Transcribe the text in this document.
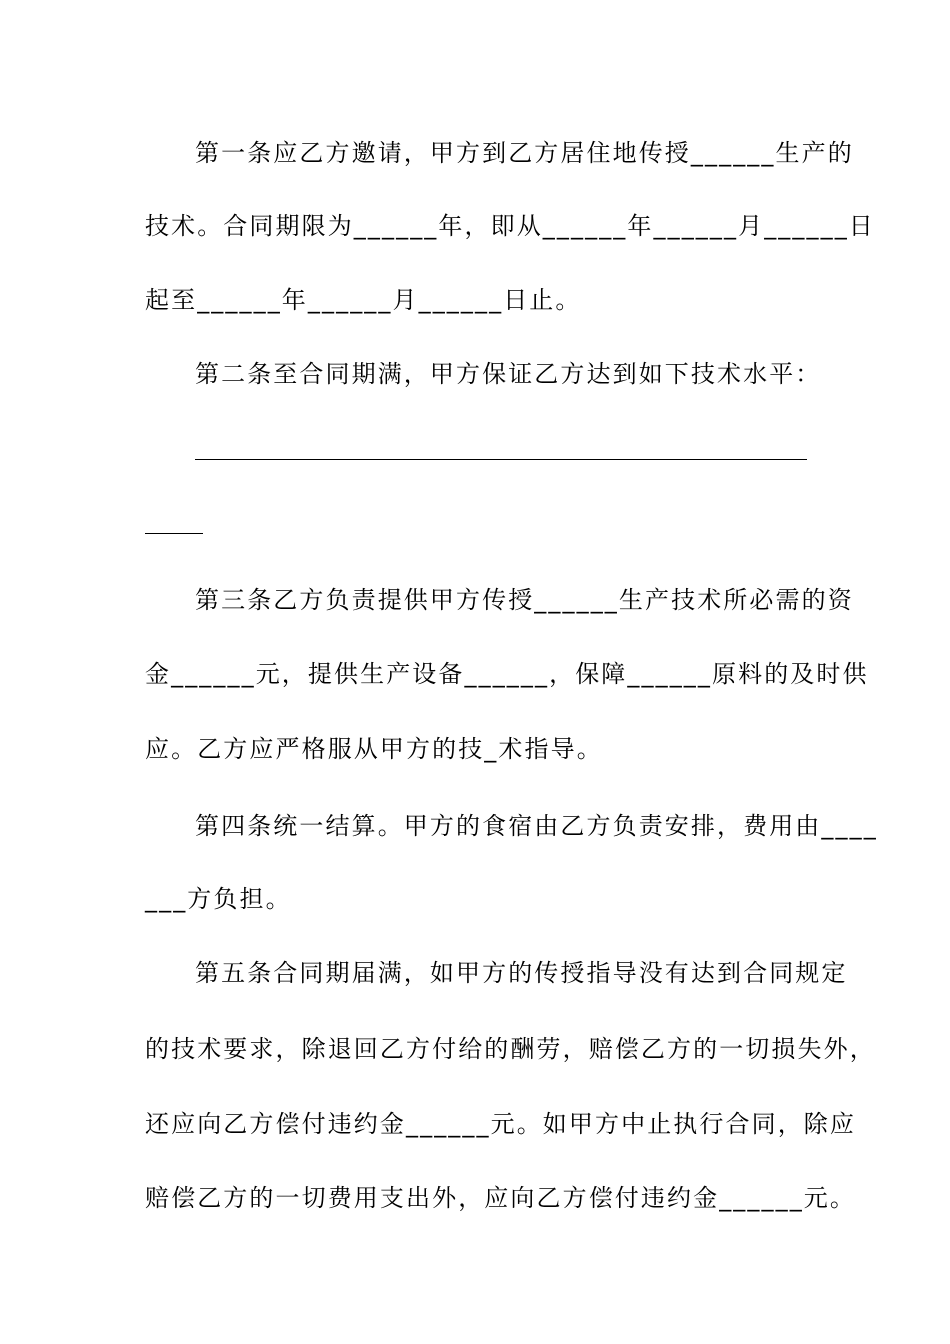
第一条应乙方邀请，甲方到乙方居住地传授______生产的
技术。合同期限为______年，即从______年______月______日
起至______年______月______日止。
第二条至合同期满，甲方保证乙方达到如下技术水平：
第三条乙方负责提供甲方传授______生产技术所必需的资
金______元，提供生产设备______，保障______原料的及时供
应。乙方应严格服从甲方的技_术指导。
第四条统一结算。甲方的食宿由乙方负责安排，费用由____
___方负担。
第五条合同期届满，如甲方的传授指导没有达到合同规定
的技术要求，除退回乙方付给的酬劳，赔偿乙方的一切损失外，
还应向乙方偿付违约金______元。如甲方中止执行合同，除应
赔偿乙方的一切费用支出外，应向乙方偿付违约金______元。
